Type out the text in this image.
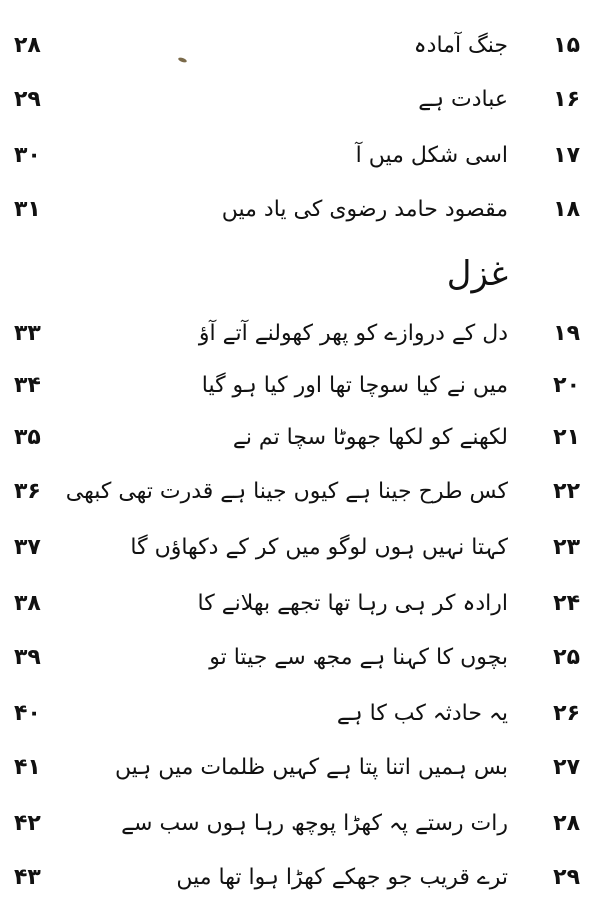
۲۸	جنگ آمادہ	۱۵
۲۹	عبادت ہے	۱۶
۳۰	اسی شکل میں آ	۱۷
۳۱	مقصود حامد رضوی کی یاد میں	۱۸
غزل
۳۳	دل کے دروازے کو پھر کھولنے آتے آؤ	۱۹
۳۴	میں نے کیا سوچا تھا اور کیا ہو گیا	۲۰
۳۵	لکھنے کو لکھا جھوٹا سچا تم نے	۲۱
۳۶	کس طرح جینا ہے کیوں جینا ہے قدرت تھی کبھی	۲۲
۳۷	کہتا نہیں ہوں لوگو میں کر کے دکھاؤں گا	۲۳
۳۸	ارادہ کر ہی رہا تھا تجھے بھلانے کا	۲۴
۳۹	بچوں کا کہنا ہے مجھ سے جیتا تو	۲۵
۴۰	یہ حادثہ کب کا ہے	۲۶
۴۱	بس ہمیں اتنا پتا ہے کہیں ظلمات میں ہیں	۲۷
۴۲	رات رستے پہ کھڑا پوچھ رہا ہوں سب سے	۲۸
۴۳	ترے قریب جو جھکے کھڑا ہوا تھا میں	۲۹
